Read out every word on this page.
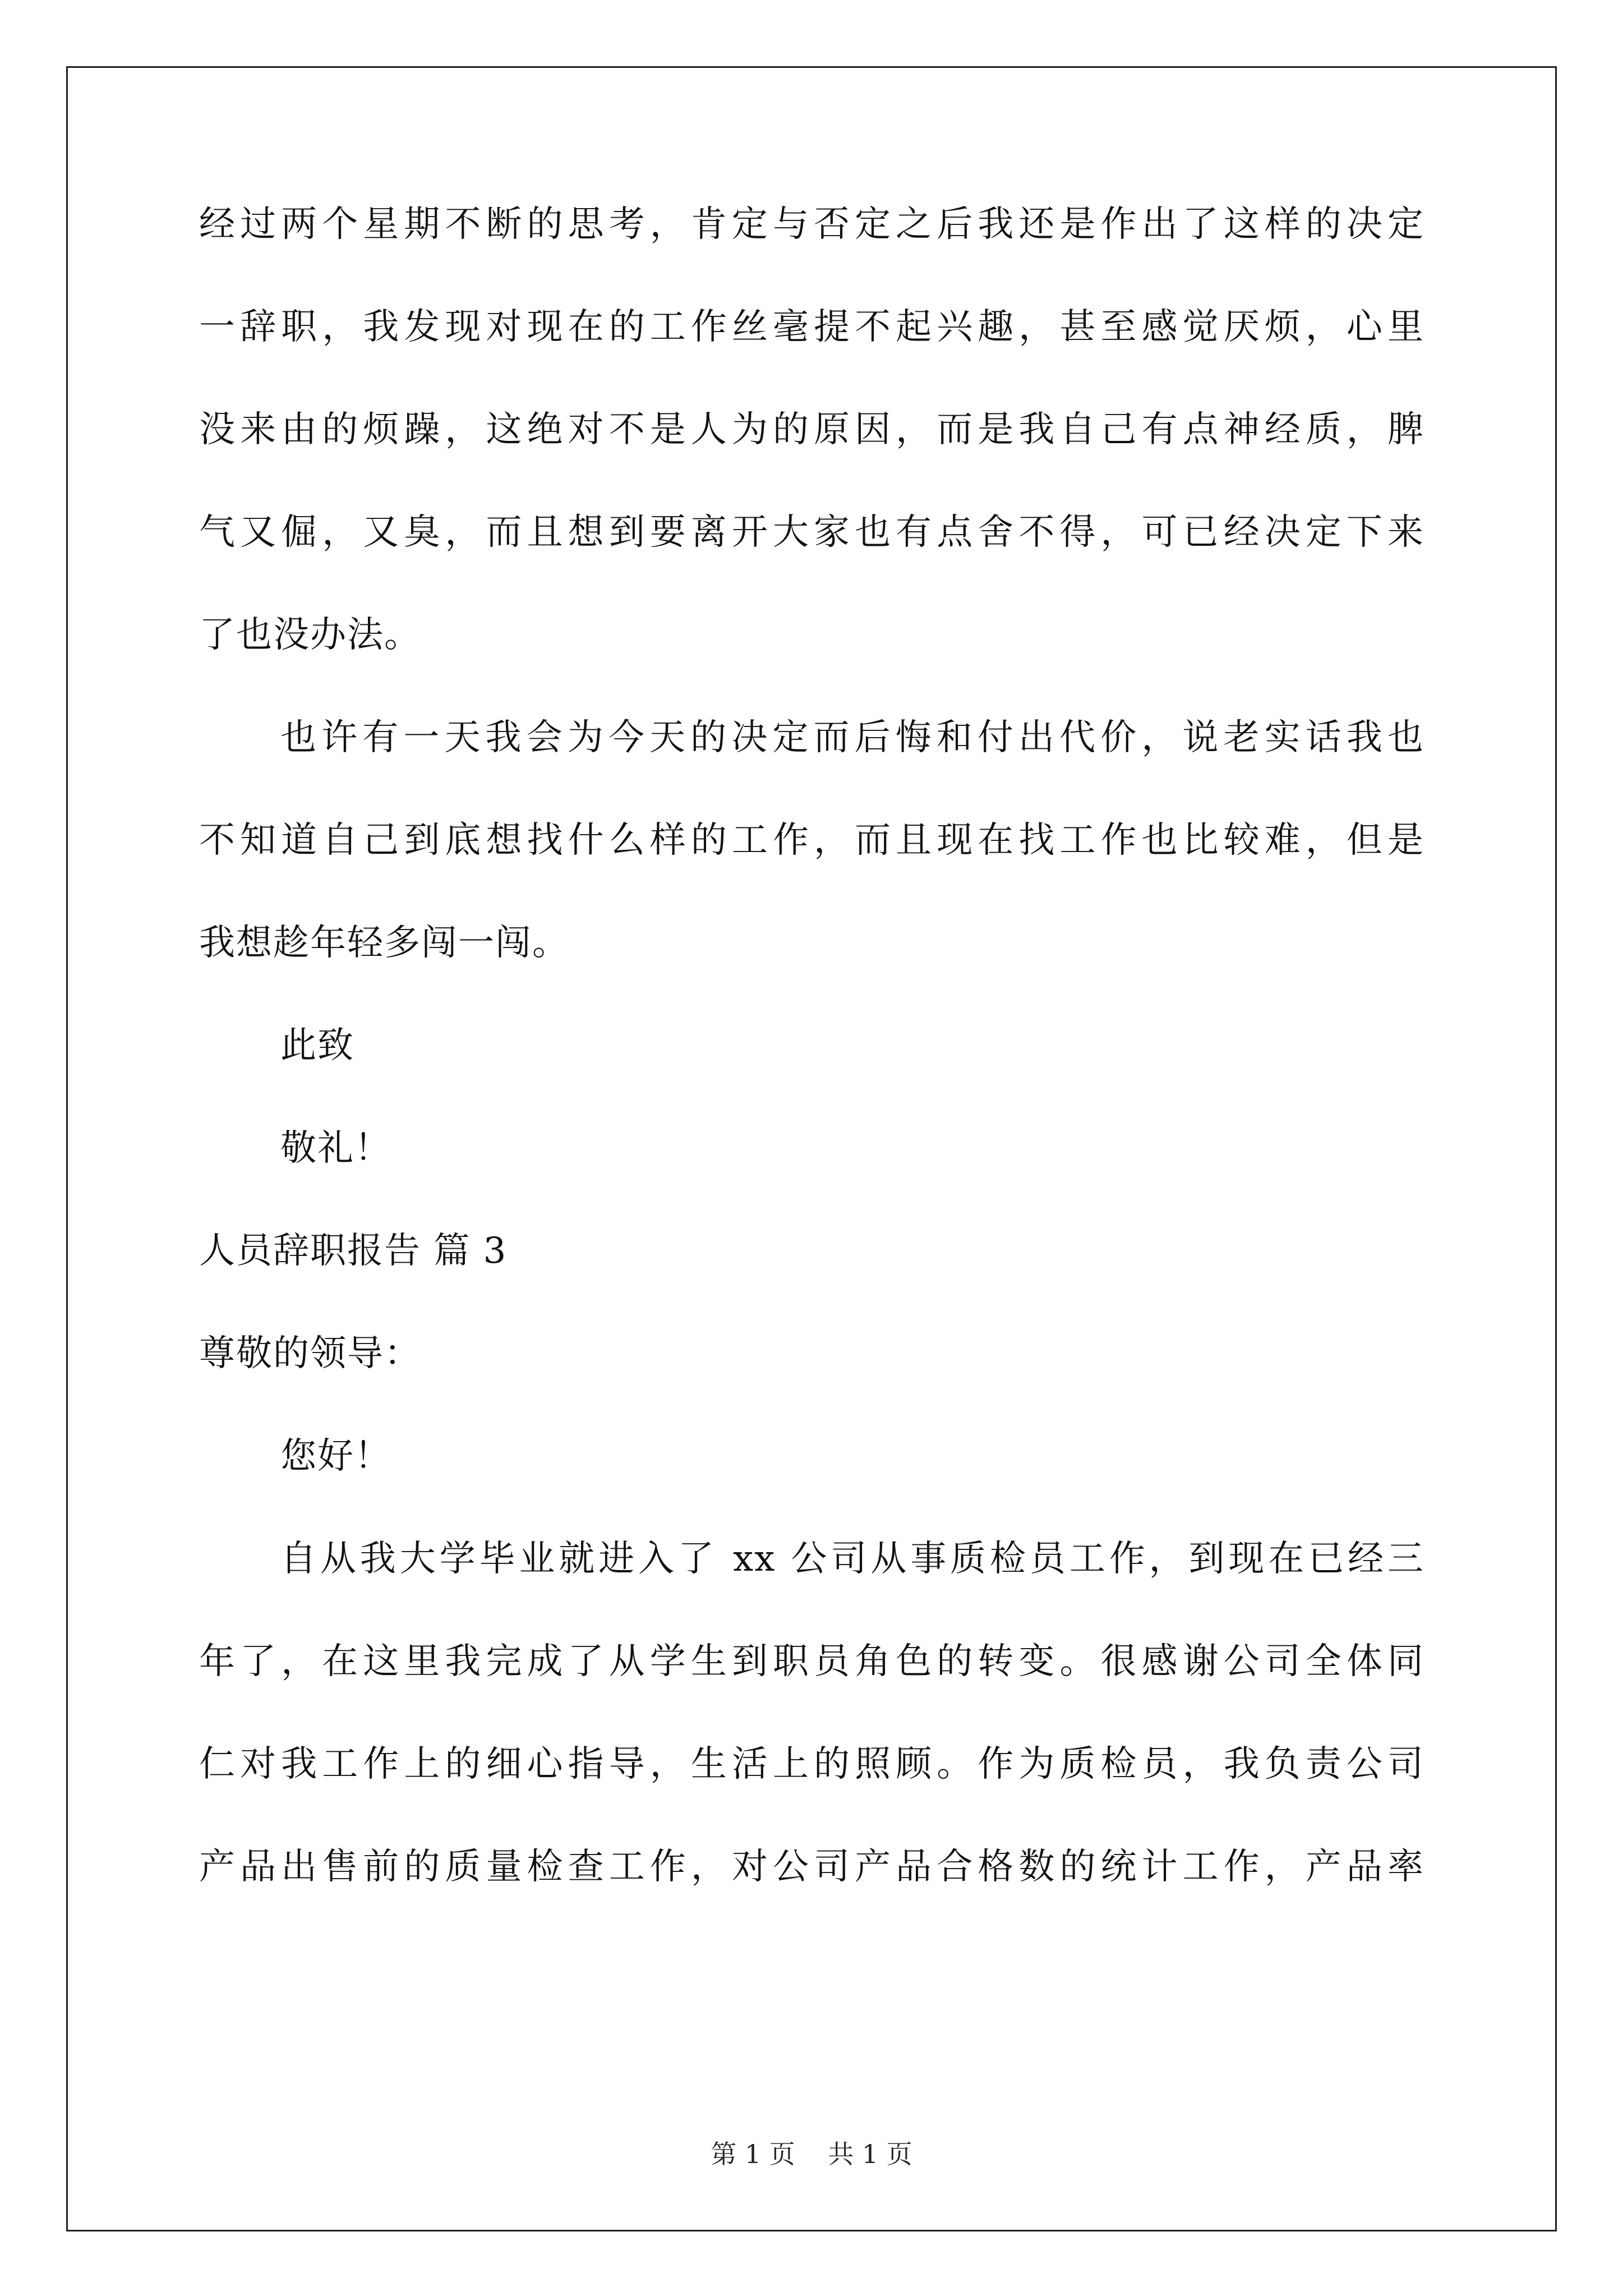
经过两个星期不断的思考，肯定与否定之后我还是作出了这样的决定
一辞职，我发现对现在的工作丝毫提不起兴趣，甚至感觉厌烦，心里
没来由的烦躁，这绝对不是人为的原因，而是我自己有点神经质，脾
气又倔，又臭，而且想到要离开大家也有点舍不得，可已经决定下来
了也没办法。
也许有一天我会为今天的决定而后悔和付出代价，说老实话我也
不知道自己到底想找什么样的工作，而且现在找工作也比较难，但是
我想趁年轻多闯一闯。
此致
敬礼！
人员辞职报告 篇 3
尊敬的领导：
您好！
自从我大学毕业就进入了 xx 公司从事质检员工作，到现在已经三
年了，在这里我完成了从学生到职员角色的转变。很感谢公司全体同
仁对我工作上的细心指导，生活上的照顾。作为质检员，我负责公司
产品出售前的质量检查工作，对公司产品合格数的统计工作，产品率
第 1 页    共 1 页
